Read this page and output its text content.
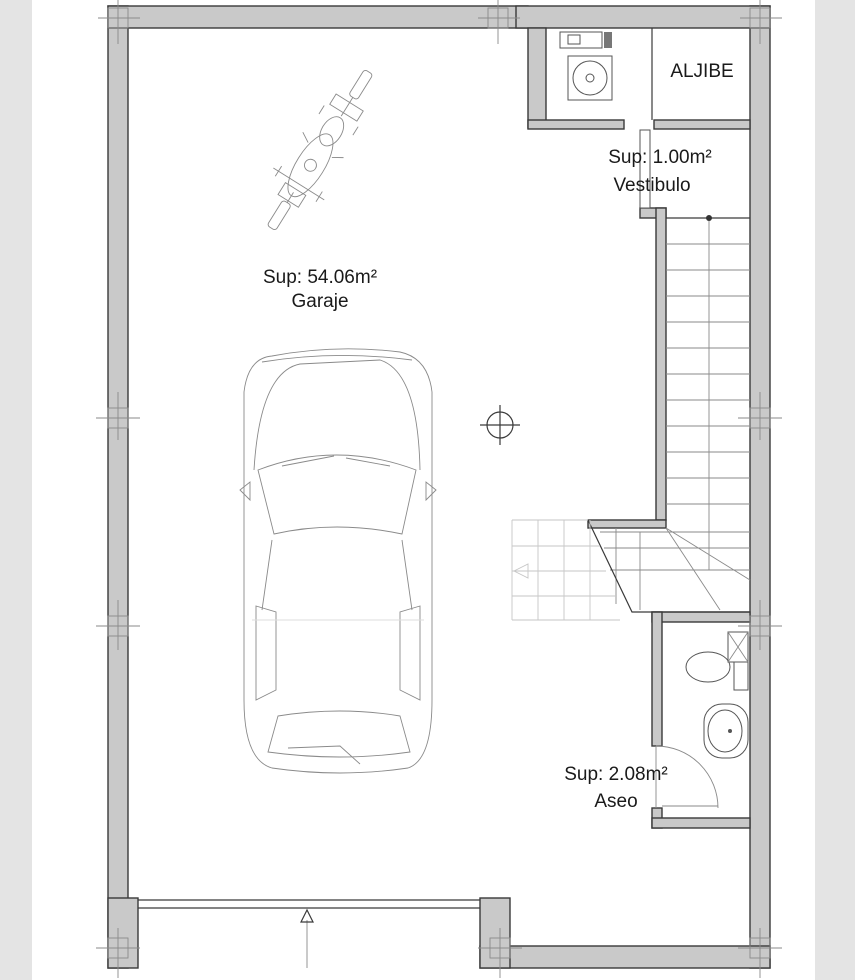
Sup: 54.06m²
Garaje
Sup: 1.00m²
Vestibulo
Sup: 2.08m²
Aseo
ALJIBE
